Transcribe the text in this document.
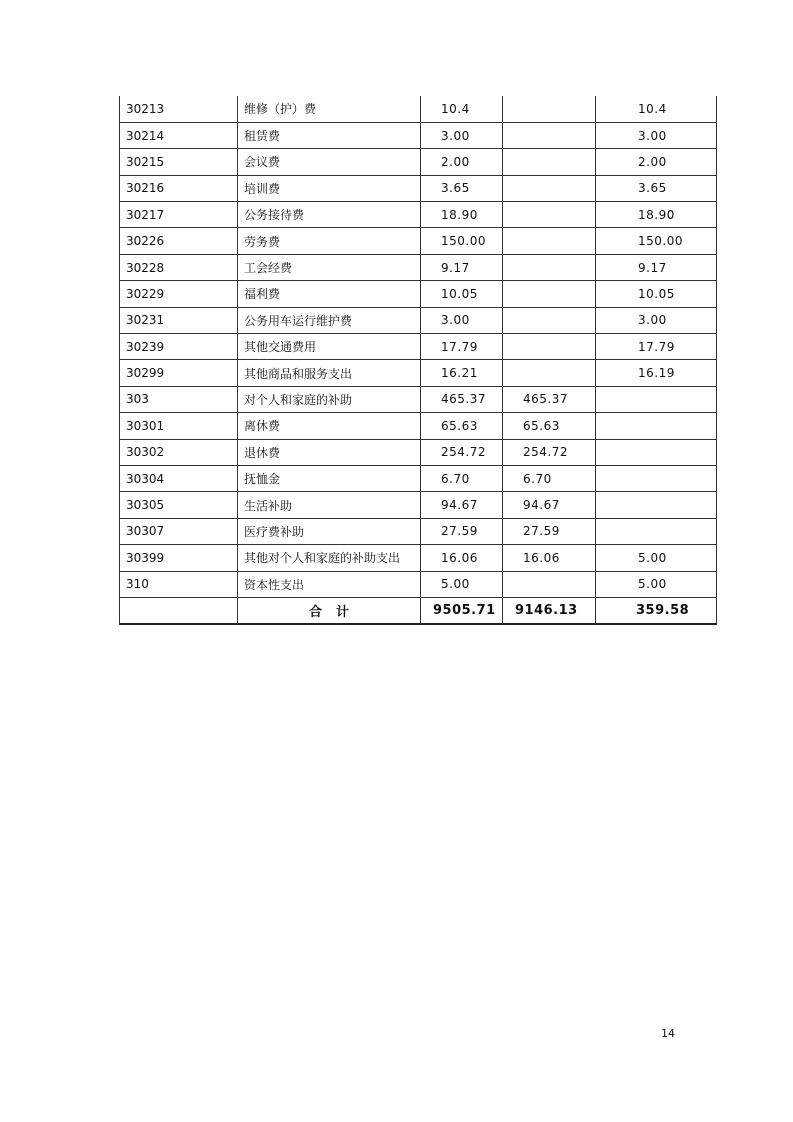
30213	维修（护）费	10.4		10.4
30214	租赁费	3.00		3.00
30215	会议费	2.00		2.00
30216	培训费	3.65		3.65
30217	公务接待费	18.90		18.90
30226	劳务费	150.00		150.00
30228	工会经费	9.17		9.17
30229	福利费	10.05		10.05
30231	公务用车运行维护费	3.00		3.00
30239	其他交通费用	17.79		17.79
30299	其他商品和服务支出	16.21		16.19
303	对个人和家庭的补助	465.37	465.37	
30301	离休费	65.63	65.63	
30302	退休费	254.72	254.72	
30304	抚恤金	6.70	6.70	
30305	生活补助	94.67	94.67	
30307	医疗费补助	27.59	27.59	
30399	其他对个人和家庭的补助支出	16.06	16.06	5.00
310	资本性支出	5.00		5.00
	合计	9505.71	9146.13	359.58
14
